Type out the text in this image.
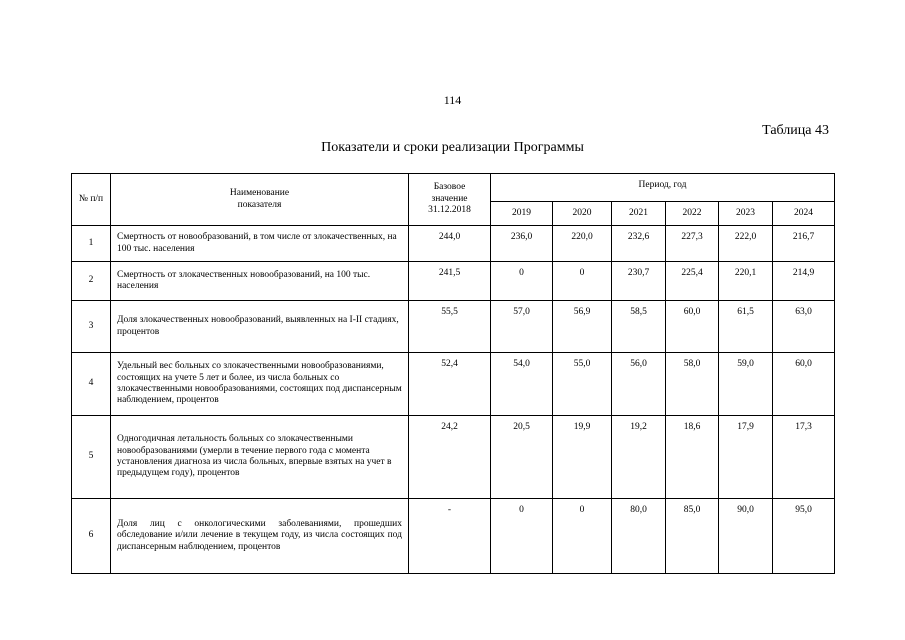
114
Таблица 43
Показатели и сроки реализации Программы
№ п/п	Наименование показателя	Базовое значение 31.12.2018	Период, год					
			2019	2020	2021	2022	2023	2024
1	Смертность от новообразований, в том числе от злокачественных, на 100 тыс. населения	244,0	236,0	220,0	232,6	227,3	222,0	216,7
2	Смертность от злокачественных новообразований, на 100 тыс. населения	241,5	0	0	230,7	225,4	220,1	214,9
3	Доля злокачественных новообразований, выявленных на I-II стадиях, процентов	55,5	57,0	56,9	58,5	60,0	61,5	63,0
4	Удельный вес больных со злокачественными новообразованиями, состоящих на учете 5 лет и более, из числа больных со злокачественными новообразованиями, состоящих под диспансерным наблюдением, процентов	52,4	54,0	55,0	56,0	58,0	59,0	60,0
5	Одногодичная летальность больных со злокачественными новообразованиями (умерли в течение первого года с момента установления диагноза из числа больных, впервые взятых на учет в предыдущем году), процентов	24,2	20,5	19,9	19,2	18,6	17,9	17,3
6	Доля лиц с онкологическими заболеваниями, прошедших обследование и/или лечение в текущем году, из числа состоящих под диспансерным наблюдением, процентов	-	0	0	80,0	85,0	90,0	95,0
